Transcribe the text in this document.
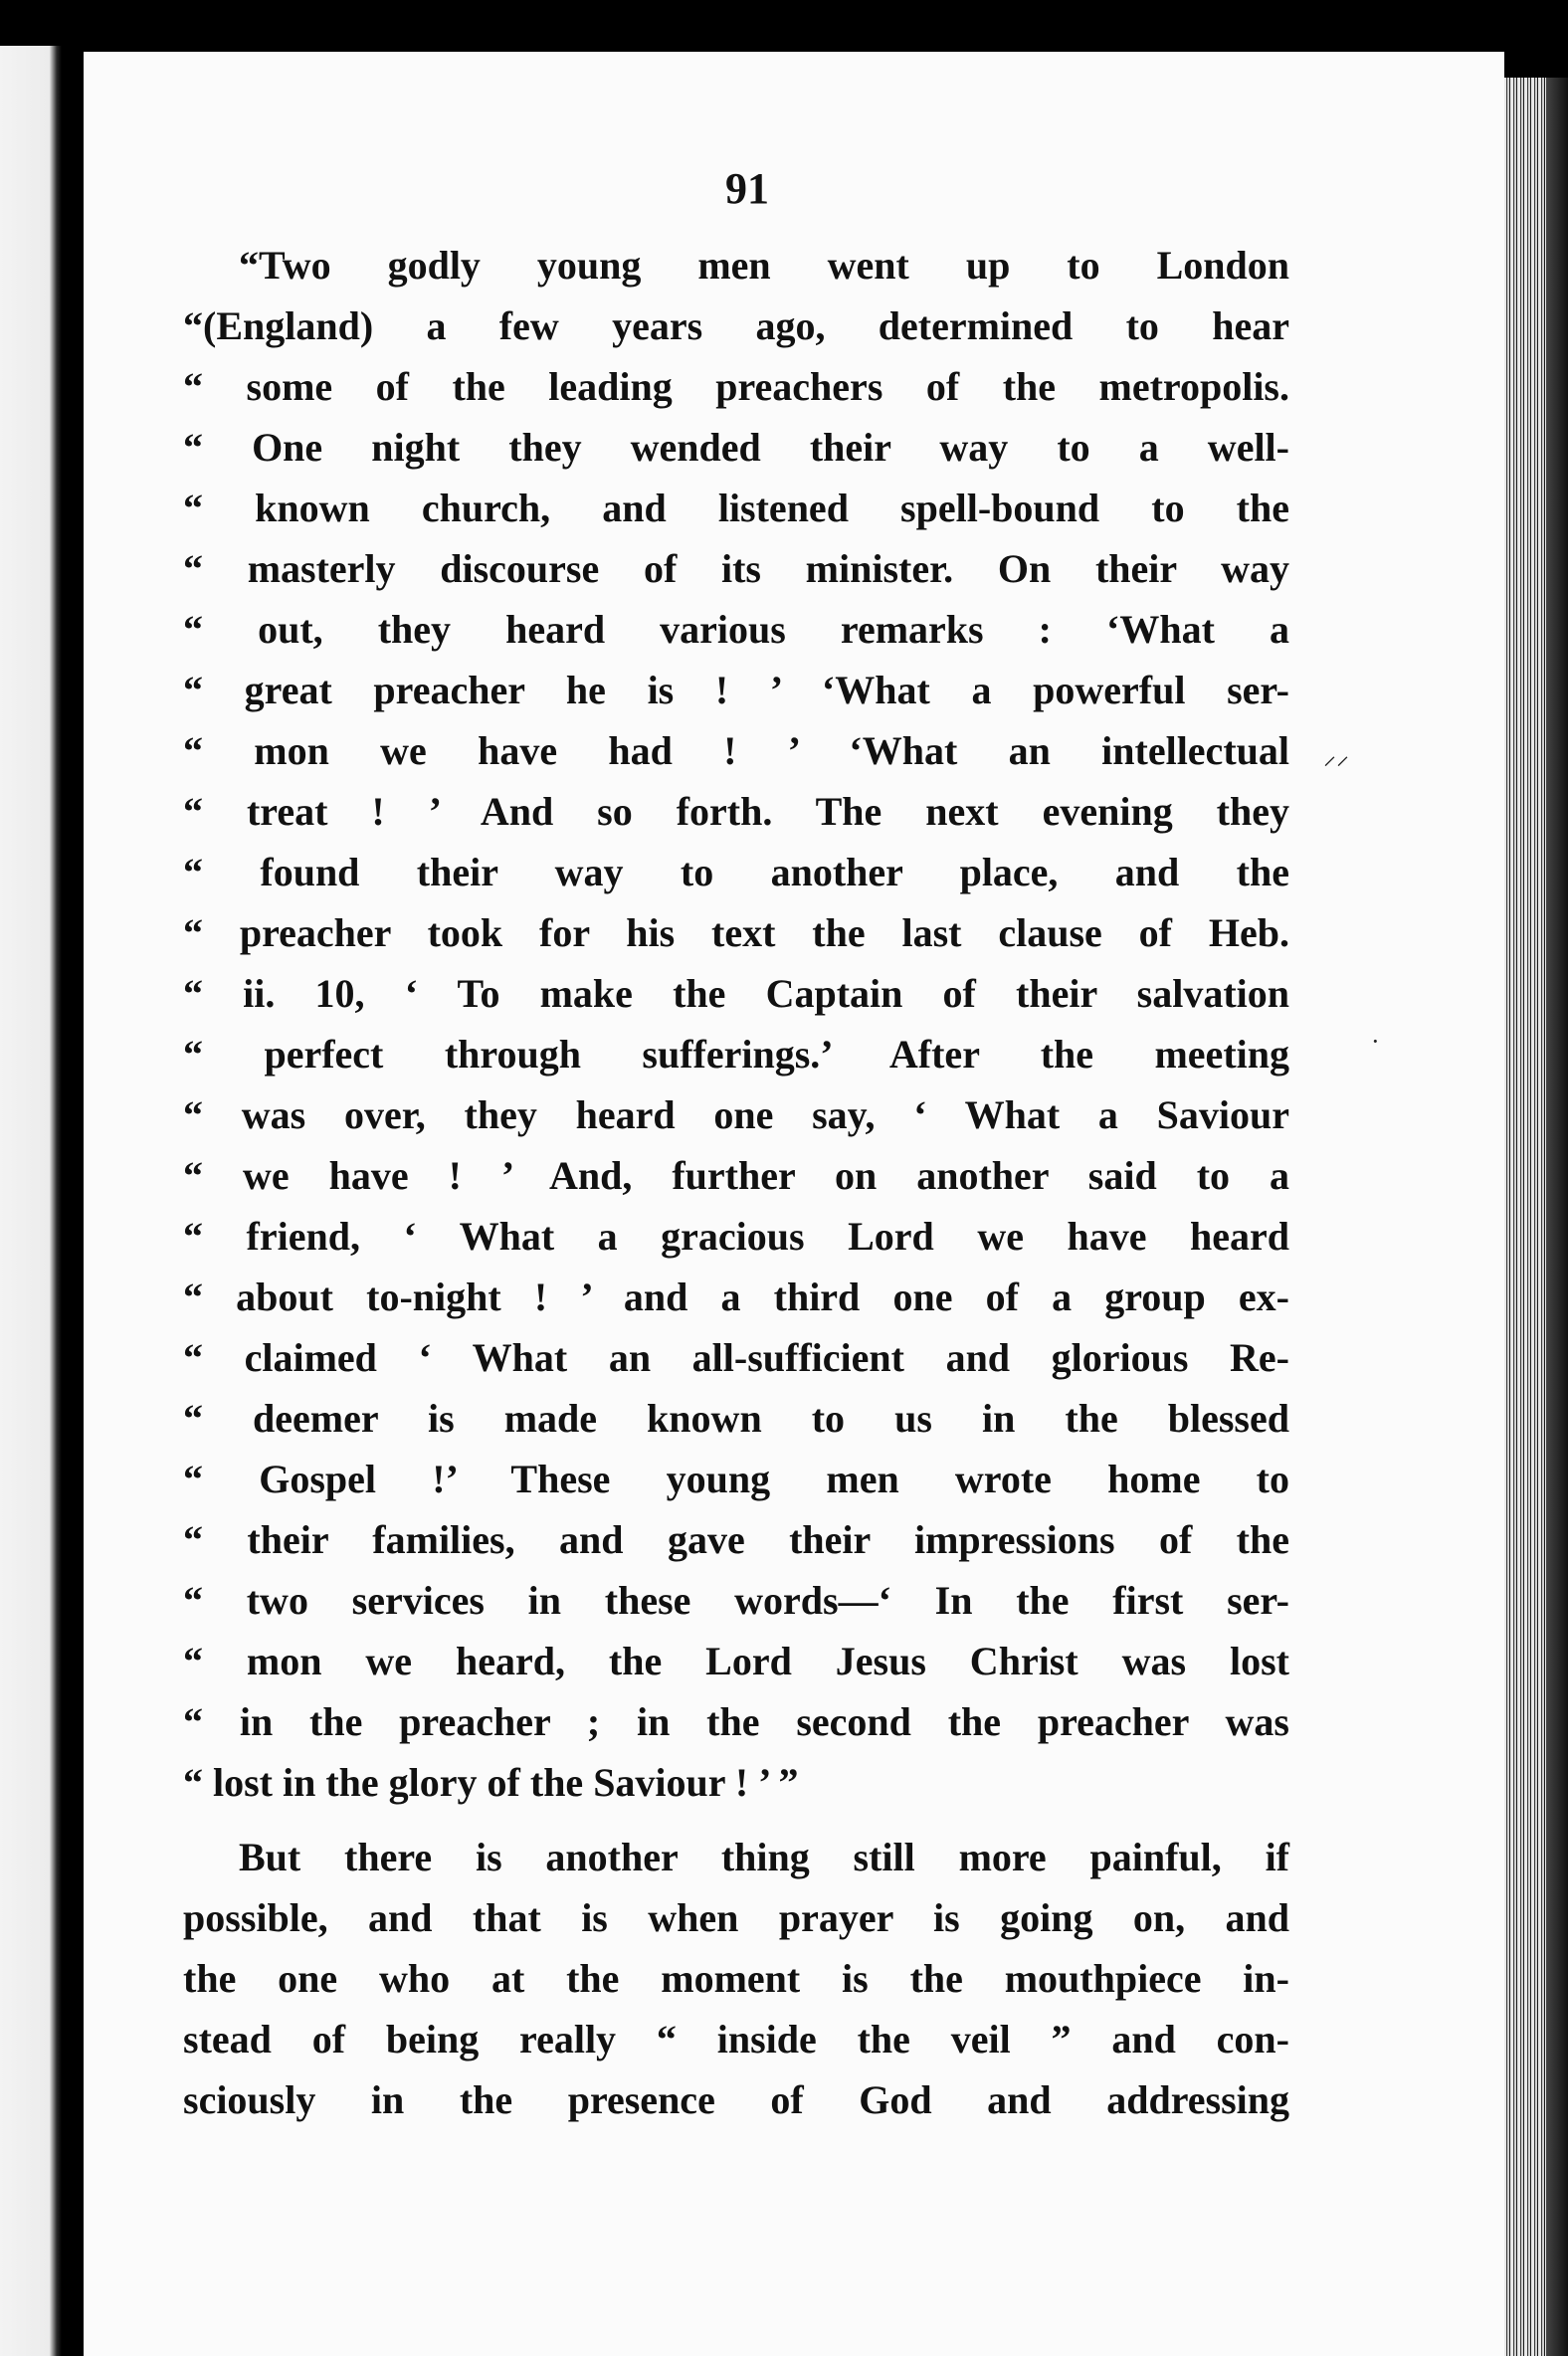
91
“Two godly young men went up to London
“(England) a few years ago, determined to hear
“ some of the leading preachers of the metropolis.
“ One night they wended their way to a well-
“ known church, and listened spell-bound to the
“ masterly discourse of its minister. On their way
“ out, they heard various remarks : ‘What a
“ great preacher he is ! ’ ‘What a powerful ser-
“ mon we have had ! ’ ‘What an intellectual
“ treat ! ’ And so forth. The next evening they
“ found their way to another place, and the
“ preacher took for his text the last clause of Heb.
“ ii. 10, ‘ To make the Captain of their salvation
“ perfect through sufferings.’ After the meeting
“ was over, they heard one say, ‘ What a Saviour
“ we have ! ’ And, further on another said to a
“ friend, ‘ What a gracious Lord we have heard
“ about to-night ! ’ and a third one of a group ex-
“ claimed ‘ What an all-sufficient and glorious Re-
“ deemer is made known to us in the blessed
“ Gospel !’ These young men wrote home to
“ their families, and gave their impressions of the
“ two services in these words—‘ In the first ser-
“ mon we heard, the Lord Jesus Christ was lost
“ in the preacher ; in the second the preacher was
“ lost in the glory of the Saviour ! ’ ”
But there is another thing still more painful, if
possible, and that is when prayer is going on, and
the one who at the moment is the mouthpiece in-
stead of being really “ inside the veil ” and con-
sciously in the presence of God and addressing
⸝⸝
·
